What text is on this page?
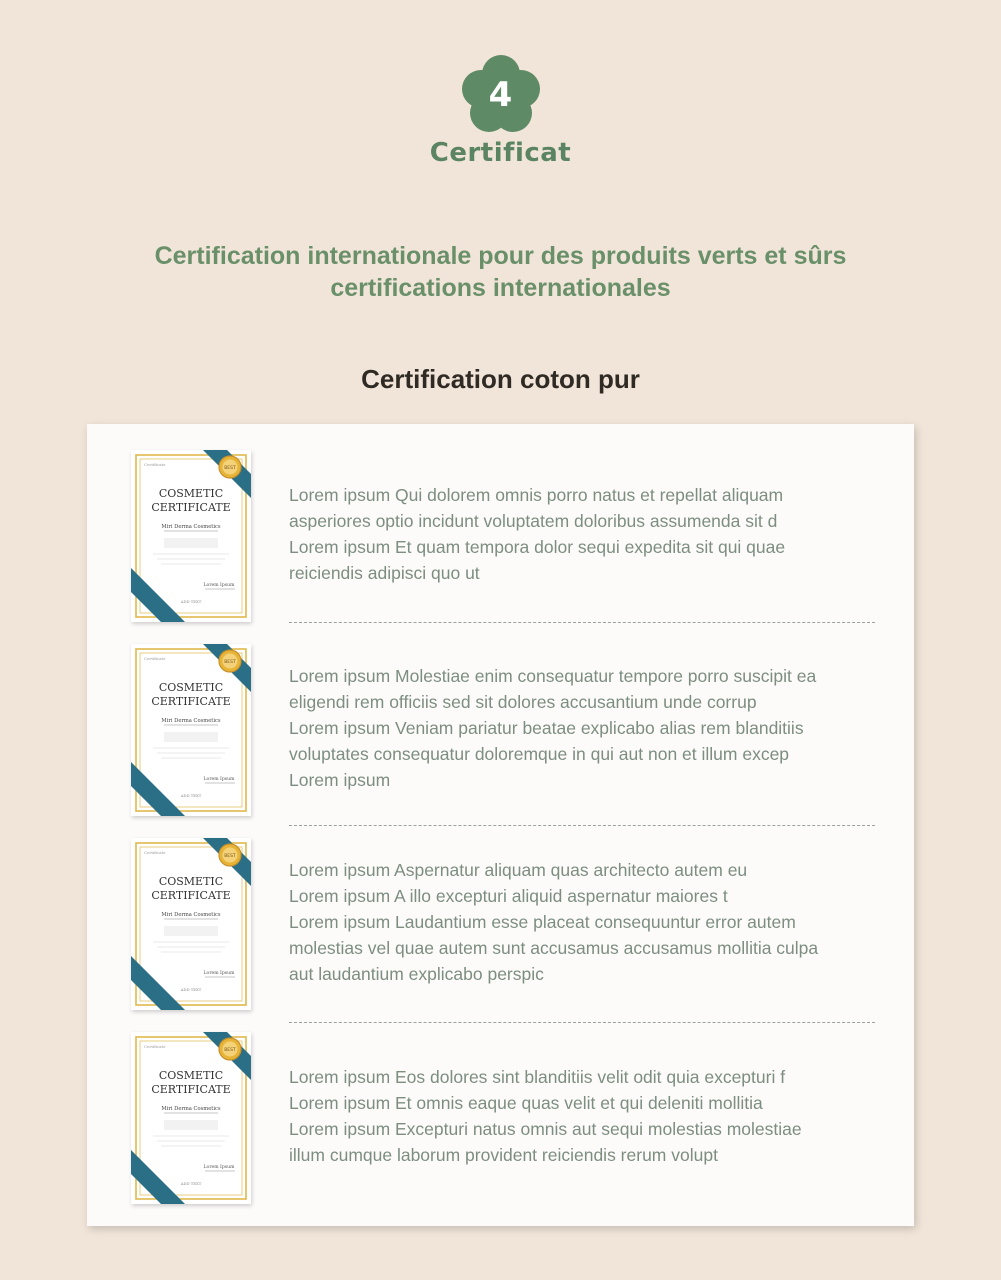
4
Certificat
Certification internationale pour des produits verts et sûrs
certifications internationales
Certification coton pur
BEST
Certificate
COSMETIC
CERTIFICATE
Miri Derma Cosmetics
Lorem Ipsum
ADD TEXT
Lorem ipsum Qui dolorem omnis porro natus et repellat aliquam
asperiores optio incidunt voluptatem doloribus assumenda sit d
Lorem ipsum Et quam tempora dolor sequi expedita sit qui quae
reiciendis adipisci quo ut
BEST
Certificate
COSMETIC
CERTIFICATE
Miri Derma Cosmetics
Lorem Ipsum
ADD TEXT
Lorem ipsum Molestiae enim consequatur tempore porro suscipit ea
eligendi rem officiis sed sit dolores accusantium unde corrup
Lorem ipsum Veniam pariatur beatae explicabo alias rem blanditiis
voluptates consequatur doloremque in qui aut non et illum excep
Lorem ipsum
BEST
Certificate
COSMETIC
CERTIFICATE
Miri Derma Cosmetics
Lorem Ipsum
ADD TEXT
Lorem ipsum Aspernatur aliquam quas architecto autem eu
Lorem ipsum A illo excepturi aliquid aspernatur maiores t
Lorem ipsum Laudantium esse placeat consequuntur error autem
molestias vel quae autem sunt accusamus accusamus mollitia culpa
aut laudantium explicabo perspic
BEST
Certificate
COSMETIC
CERTIFICATE
Miri Derma Cosmetics
Lorem Ipsum
ADD TEXT
Lorem ipsum Eos dolores sint blanditiis velit odit quia excepturi f
Lorem ipsum Et omnis eaque quas velit et qui deleniti mollitia
Lorem ipsum Excepturi natus omnis aut sequi molestias molestiae
illum cumque laborum provident reiciendis rerum volupt
